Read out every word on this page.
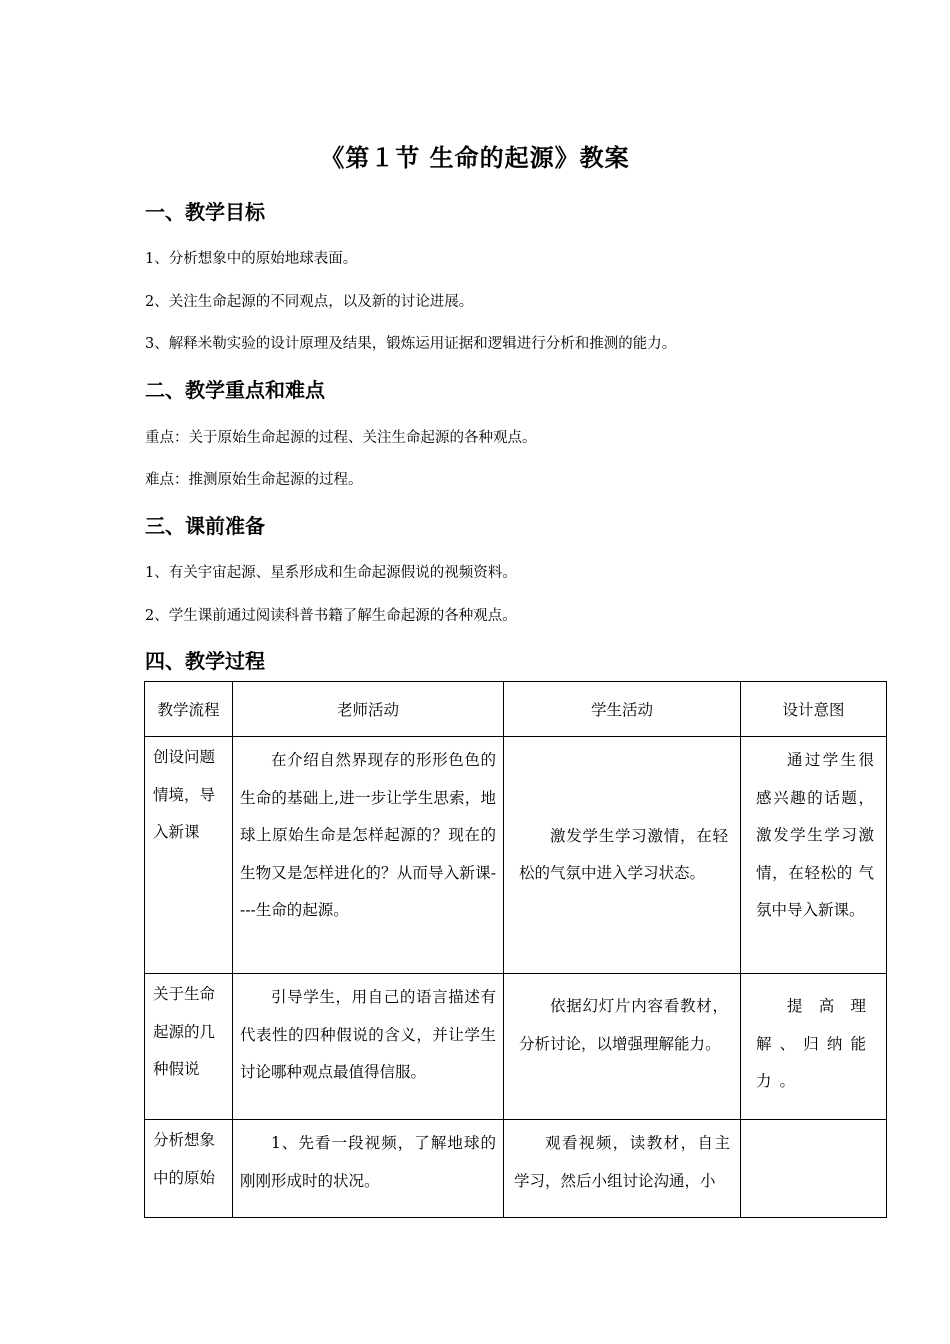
《第１节 生命的起源》教案
一、教学目标
1、分析想象中的原始地球表面。
2、关注生命起源的不同观点，以及新的讨论进展。
3、解释米勒实验的设计原理及结果，锻炼运用证据和逻辑进行分析和推测的能力。
二、教学重点和难点
重点：关于原始生命起源的过程、关注生命起源的各种观点。
难点：推测原始生命起源的过程。
三、课前准备
1、有关宇宙起源、星系形成和生命起源假说的视频资料。
2、学生课前通过阅读科普书籍了解生命起源的各种观点。
四、教学过程
教学流程	老师活动	学生活动	设计意图

创设问题情境，导入新课	在介绍自然界现存的形形色色的生命的基础上,进一步让学生思索，地球上原始生命是怎样起源的？现在的生物又是怎样进化的？从而导入新课----生命的起源。	激发学生学习激情，在轻松的气氛中进入学习状态。	通过学生很感兴趣的话题，激发学生学习激情，在轻松的 气氛中导入新课。

关于生命起源的几种假说	引导学生，用自己的语言描述有代表性的四种假说的含义，并让学生讨论哪种观点最值得信服。	依据幻灯片内容看教材，分析讨论，以增强理解能力。	提高理解、归纳能力。

分析想象中的原始	1、先看一段视频，了解地球的刚刚形成时的状况。	观看视频，读教材，自主学习，然后小组讨论沟通，小	
